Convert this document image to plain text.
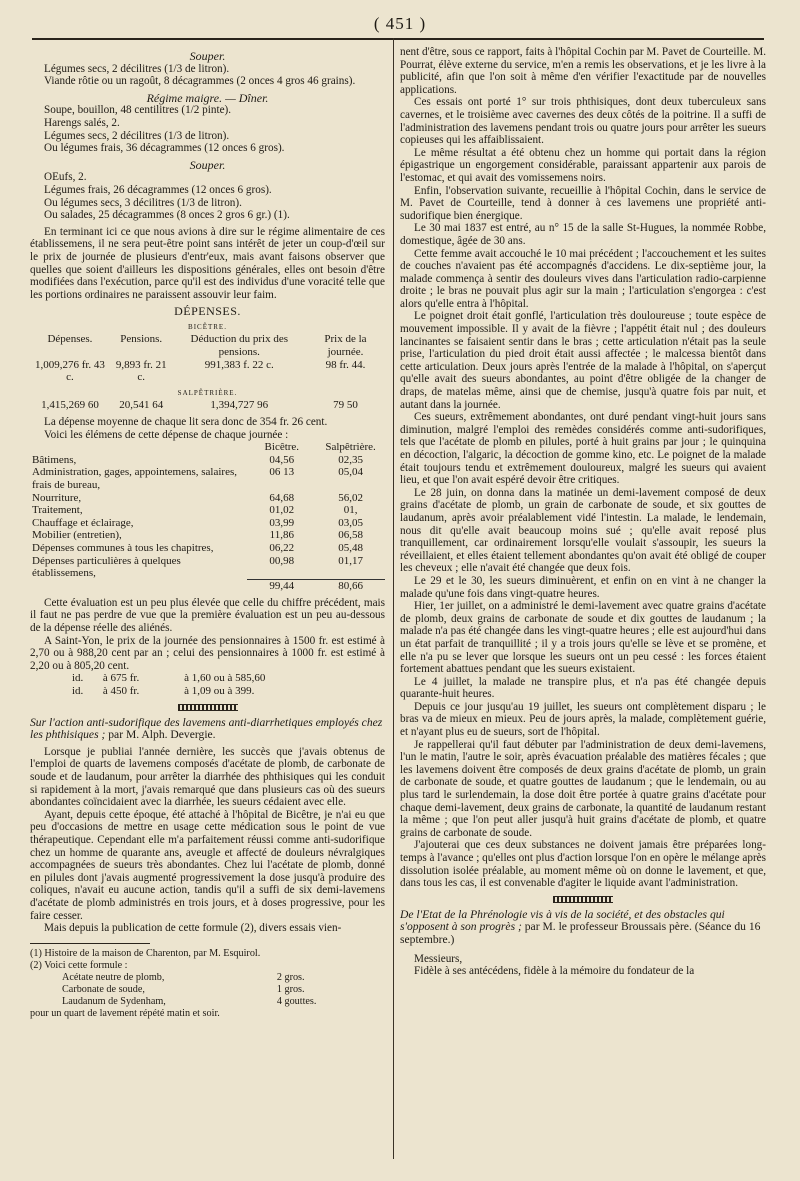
( 451 )
Souper.

Légumes secs, 2 décilitres (1/3 de litron).

Viande rôtie ou un ragoût, 8 décagrammes (2 onces 4 gros 46 grains).

Régime maigre. — Dîner.

Soupe, bouillon, 48 centilitres (1/2 pinte).

Harengs salés, 2.

Légumes secs, 2 décilitres (1/3 de litron).

Ou légumes frais, 36 décagrammes (12 onces 6 gros).

Souper.

OEufs, 2.

Légumes frais, 26 décagrammes (12 onces 6 gros).

Ou légumes secs, 3 décilitres (1/3 de litron).

Ou salades, 25 décagrammes (8 onces 2 gros 6 gr.) (1).

En terminant ici ce que nous avions à dire sur le régime alimentaire de ces établissemens, il ne sera peut-être point sans intérêt de jeter un coup-d'œil sur le prix de journée de plusieurs d'entr'eux, mais avant faisons observer que quelles que soient d'ailleurs les dispositions générales, elles ont besoin d'être modifiées dans l'exécution, parce qu'il est des individus d'une voracité telle que les portions ordinaires ne paraissent assouvir leur faim.

DÉPENSES.
BICÊTRE.
Dépenses.	Pensions.	Déduction du prix des pensions.	Prix de la journée.
1,009,276 fr. 43 c.	9,893 fr. 21 c.	991,383 f. 22 c.	98 fr. 44.

SALPÊTRIÈRE.			

1,415,269 60	20,541 64	1,394,727 96	79 50

La dépense moyenne de chaque lit sera donc de 354 fr. 26 cent.

Voici les élémens de cette dépense de chaque journée :

	Bicêtre.	Salpêtrière.
Bâtimens,	04,56	02,35
Administration, gages, appointemens, salaires, frais de bureau,	06 13	05,04
Nourriture,	64,68	56,02
Traitement,	01,02	01,
Chauffage et éclairage,	03,99	03,05
Mobilier (entretien),	11,86	06,58
Dépenses communes à tous les chapitres,	06,22	05,48
Dépenses particulières à quelques établissemens,	00,98	01,17
	99,44	80,66

Cette évaluation est un peu plus élevée que celle du chiffre précédent, mais il faut ne pas perdre de vue que la première évaluation est un peu au-dessous de la dépense réelle des aliénés.

A Saint-Yon, le prix de la journée des pensionnaires à 1500 fr. est estimé à 2,70 ou à 988,20 cent par an ; celui des pensionnaires à 1000 fr. est estimé à 2,20 ou à 805,20 cent.

id.	à 675 fr.	à 1,60 ou à 585,60
id.	à 450 fr.	à 1,09 ou à 399.

Sur l'action anti-sudorifique des lavemens anti-diarrhetiques employés chez les phthisiques ; par M. Alph. Devergie.

Lorsque je publiai l'année dernière, les succès que j'avais obtenus de l'emploi de quarts de lavemens composés d'acétate de plomb, de carbonate de soude et de laudanum, pour arrêter la diarrhée des phthisiques qui les conduit si rapidement à la mort, j'avais remarqué que dans plusieurs cas où des sueurs abondantes coïncidaient avec la diarrhée, les sueurs cédaient avec elle.

Ayant, depuis cette époque, été attaché à l'hôpital de Bicêtre, je n'ai eu que peu d'occasions de mettre en usage cette médication sous le point de vue thérapeutique. Cependant elle m'a parfaitement réussi comme anti-sudorifique chez un homme de quarante ans, aveugle et affecté de douleurs névralgiques accompagnées de sueurs très abondantes. Chez lui l'acétate de plomb, donné en pilules dont j'avais augmenté progressivement la dose jusqu'à produire des coliques, n'avait eu aucune action, tandis qu'il a suffi de six demi-lavemens d'acétate de plomb administrés en trois jours, et à doses progressive, pour les faire cesser.

Mais depuis la publication de cette formule (2), divers essais vien-

(1) Histoire de la maison de Charenton, par M. Esquirol.

(2) Voici cette formule :

Acétate neutre de plomb,	2 gros.
Carbonate de soude,	1 gros.
Laudanum de Sydenham,	4 gouttes.

pour un quart de lavement répété matin et soir.

nent d'être, sous ce rapport, faits à l'hôpital Cochin par M. Pavet de Courteille. M. Pourrat, élève externe du service, m'en a remis les observations, et je les livre à la publicité, afin que l'on soit à même d'en vérifier l'exactitude par de nouvelles applications.

Ces essais ont porté 1° sur trois phthisiques, dont deux tuberculeux sans cavernes, et le troisième avec cavernes des deux côtés de la poitrine. Il a suffi de l'administration des lavemens pendant trois ou quatre jours pour arrêter les sueurs copieuses qui les affaiblissaient.

Le même résultat a été obtenu chez un homme qui portait dans la région épigastrique un engorgement considérable, paraissant appartenir aux parois de l'estomac, et qui avait des vomissemens noirs.

Enfin, l'observation suivante, recueillie à l'hôpital Cochin, dans le service de M. Pavet de Courteille, tend à donner à ces lavemens une propriété anti-sudorifique bien énergique.

Le 30 mai 1837 est entré, au n° 15 de la salle St-Hugues, la nommée Robbe, domestique, âgée de 30 ans.

Cette femme avait accouché le 10 mai précédent ; l'accouchement et les suites de couches n'avaient pas été accompagnés d'accidens. Le dix-septième jour, la malade commença à sentir des douleurs vives dans l'articulation radio-carpienne droite ; le bras ne pouvait plus agir sur la main ; l'articulation s'engorgea : c'est alors qu'elle entra à l'hôpital.

Le poignet droit était gonflé, l'articulation très douloureuse ; toute espèce de mouvement impossible. Il y avait de la fièvre ; l'appétit était nul ; des douleurs lancinantes se faisaient sentir dans le bras ; cette articulation n'était pas la seule prise, l'articulation du pied droit était aussi affectée ; le malcessa bientôt dans cette articulation. Deux jours après l'entrée de la malade à l'hôpital, on s'aperçut qu'elle avait des sueurs abondantes, au point d'être obligée de la changer de draps, de matelas même, ainsi que de chemise, jusqu'à quatre fois par nuit, et autant dans la journée.

Ces sueurs, extrêmement abondantes, ont duré pendant vingt-huit jours sans diminution, malgré l'emploi des remèdes considérés comme anti-sudorifiques, tels que l'acétate de plomb en pilules, porté à huit grains par jour ; le quinquina en décoction, l'algaric, la décoction de gomme kino, etc. Le poignet de la malade était toujours tendu et extrêmement douloureux, malgré les sueurs qui avaient lieu, et que l'on avait espéré devoir être critiques.

Le 28 juin, on donna dans la matinée un demi-lavement composé de deux grains d'acétate de plomb, un grain de carbonate de soude, et six gouttes de laudanum, après avoir préalablement vidé l'intestin. La malade, le lendemain, nous dit qu'elle avait beaucoup moins sué ; qu'elle avait reposé plus tranquillement, car ordinairement lorsqu'elle voulait s'assoupir, les sueurs la réveillaient, et elles étaient tellement abondantes qu'on avait été obligé de couper les cheveux ; elle n'avait été changée que deux fois.

Le 29 et le 30, les sueurs diminuèrent, et enfin on en vint à ne changer la malade qu'une fois dans vingt-quatre heures.

Hier, 1er juillet, on a administré le demi-lavement avec quatre grains d'acétate de plomb, deux grains de carbonate de soude et dix gouttes de laudanum ; la malade n'a pas été changée dans les vingt-quatre heures ; elle est aujourd'hui dans un état parfait de tranquillité ; il y a trois jours qu'elle se lève et se promène, et elle n'a pu se lever que lorsque les sueurs ont un peu cessé : les forces étaient fortement abattues pendant que les sueurs existaient.

Le 4 juillet, la malade ne transpire plus, et n'a pas été changée depuis quarante-huit heures.

Depuis ce jour jusqu'au 19 juillet, les sueurs ont complètement disparu ; le bras va de mieux en mieux. Peu de jours après, la malade, complètement guérie, et n'ayant plus eu de sueurs, sort de l'hôpital.

Je rappellerai qu'il faut débuter par l'administration de deux demi-lavemens, l'un le matin, l'autre le soir, après évacuation préalable des matières fécales ; que les lavemens doivent être composés de deux grains d'acétate de plomb, un grain de carbonate de soude, et quatre gouttes de laudanum ; que le lendemain, ou au plus tard le surlendemain, la dose doit être portée à quatre grains d'acétate pour chaque demi-lavement, deux grains de carbonate, la quantité de laudanum restant la même ; que l'on peut aller jusqu'à huit grains d'acétate de plomb, et quatre grains de carbonate de soude.

J'ajouterai que ces deux substances ne doivent jamais être préparées long-temps à l'avance ; qu'elles ont plus d'action lorsque l'on en opère le mélange après dissolution isolée préalable, au moment même où on donne le lavement, et que, dans tous les cas, il est convenable d'agiter le liquide avant l'administration.

De l'Etat de la Phrénologie vis à vis de la société, et des obstacles qui s'opposent à son progrès ; par M. le professeur Broussais père. (Séance du 16 septembre.)

Messieurs,

Fidèle à ses antécédens, fidèle à la mémoire du fondateur de la
